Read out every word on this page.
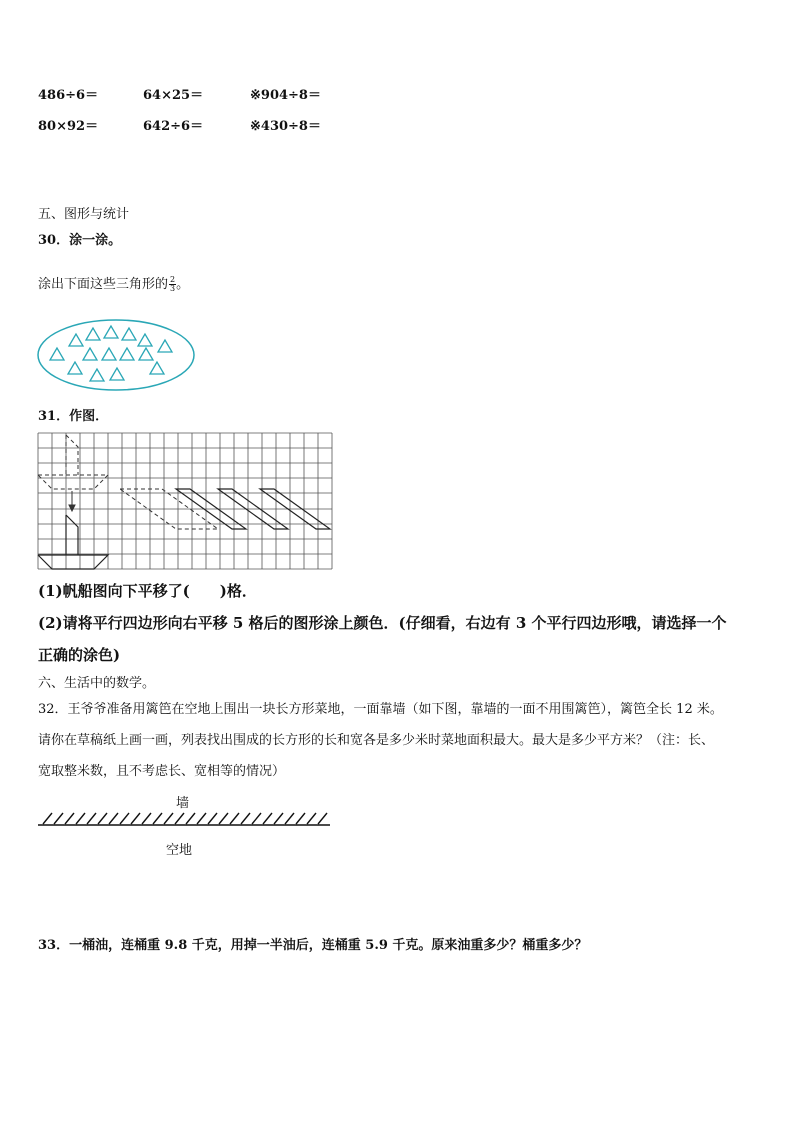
486÷6＝	64×25＝	※904÷8＝
80×92＝	642÷6＝	※430÷8＝
五、图形与统计
30．涂一涂。
涂出下面这些三角形的 $\frac{2}{3}$ 。
31．作图．
(1)帆船图向下平移了(　　)格．
(2)请将平行四边形向右平移 5 格后的图形涂上颜色．(仔细看，右边有 3 个平行四边形哦，请选择一个
正确的涂色)
六、生活中的数学。
32．王爷爷准备用篱笆在空地上围出一块长方形菜地，一面靠墙（如下图，靠墙的一面不用围篱笆），篱笆全长 12 米。
请你在草稿纸上画一画，列表找出围成的长方形的长和宽各是多少米时菜地面积最大。最大是多少平方米？（注：长、
宽取整米数，且不考虑长、宽相等的情况）
墙
空地
33．一桶油，连桶重 9.8 千克，用掉一半油后，连桶重 5.9 千克。原来油重多少？桶重多少？
